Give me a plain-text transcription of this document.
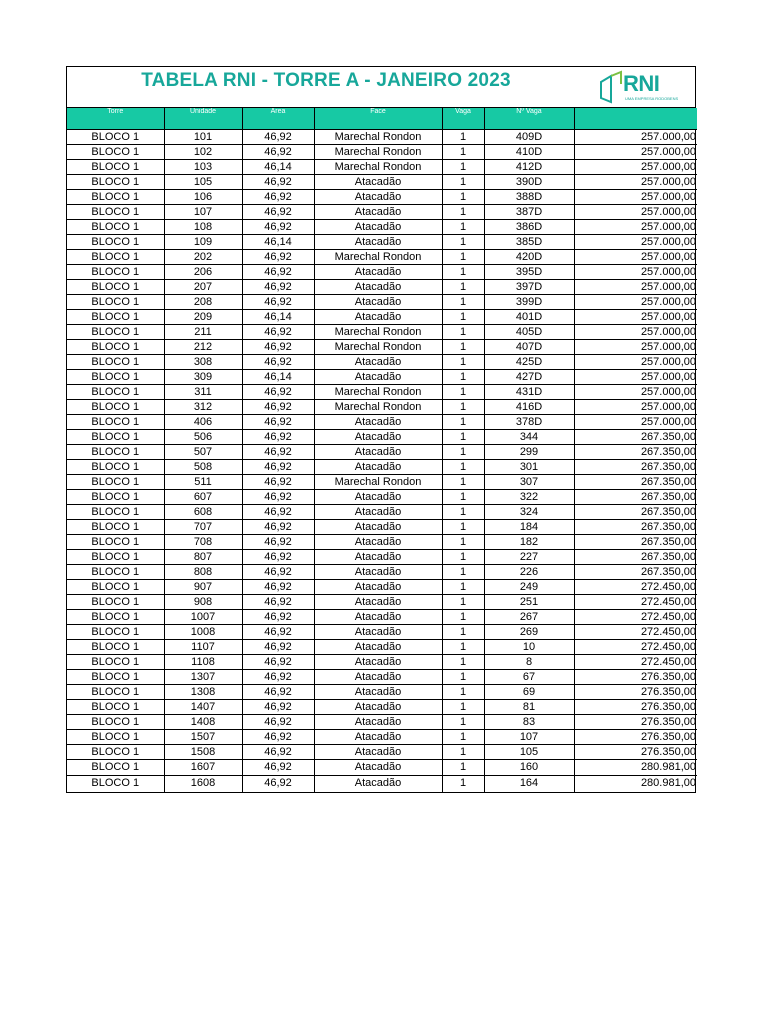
TABELA RNI - TORRE A - JANEIRO 2023	RNI
UMA EMPRESA RODOBENS
Torre	Unidade	Área	Face	Vaga	Nº Vaga	
BLOCO 1	101	46,92	Marechal Rondon	1	409D	257.000,00
BLOCO 1	102	46,92	Marechal Rondon	1	410D	257.000,00
BLOCO 1	103	46,14	Marechal Rondon	1	412D	257.000,00
BLOCO 1	105	46,92	Atacadão	1	390D	257.000,00
BLOCO 1	106	46,92	Atacadão	1	388D	257.000,00
BLOCO 1	107	46,92	Atacadão	1	387D	257.000,00
BLOCO 1	108	46,92	Atacadão	1	386D	257.000,00
BLOCO 1	109	46,14	Atacadão	1	385D	257.000,00
BLOCO 1	202	46,92	Marechal Rondon	1	420D	257.000,00
BLOCO 1	206	46,92	Atacadão	1	395D	257.000,00
BLOCO 1	207	46,92	Atacadão	1	397D	257.000,00
BLOCO 1	208	46,92	Atacadão	1	399D	257.000,00
BLOCO 1	209	46,14	Atacadão	1	401D	257.000,00
BLOCO 1	211	46,92	Marechal Rondon	1	405D	257.000,00
BLOCO 1	212	46,92	Marechal Rondon	1	407D	257.000,00
BLOCO 1	308	46,92	Atacadão	1	425D	257.000,00
BLOCO 1	309	46,14	Atacadão	1	427D	257.000,00
BLOCO 1	311	46,92	Marechal Rondon	1	431D	257.000,00
BLOCO 1	312	46,92	Marechal Rondon	1	416D	257.000,00
BLOCO 1	406	46,92	Atacadão	1	378D	257.000,00
BLOCO 1	506	46,92	Atacadão	1	344	267.350,00
BLOCO 1	507	46,92	Atacadão	1	299	267.350,00
BLOCO 1	508	46,92	Atacadão	1	301	267.350,00
BLOCO 1	511	46,92	Marechal Rondon	1	307	267.350,00
BLOCO 1	607	46,92	Atacadão	1	322	267.350,00
BLOCO 1	608	46,92	Atacadão	1	324	267.350,00
BLOCO 1	707	46,92	Atacadão	1	184	267.350,00
BLOCO 1	708	46,92	Atacadão	1	182	267.350,00
BLOCO 1	807	46,92	Atacadão	1	227	267.350,00
BLOCO 1	808	46,92	Atacadão	1	226	267.350,00
BLOCO 1	907	46,92	Atacadão	1	249	272.450,00
BLOCO 1	908	46,92	Atacadão	1	251	272.450,00
BLOCO 1	1007	46,92	Atacadão	1	267	272.450,00
BLOCO 1	1008	46,92	Atacadão	1	269	272.450,00
BLOCO 1	1107	46,92	Atacadão	1	10	272.450,00
BLOCO 1	1108	46,92	Atacadão	1	8	272.450,00
BLOCO 1	1307	46,92	Atacadão	1	67	276.350,00
BLOCO 1	1308	46,92	Atacadão	1	69	276.350,00
BLOCO 1	1407	46,92	Atacadão	1	81	276.350,00
BLOCO 1	1408	46,92	Atacadão	1	83	276.350,00
BLOCO 1	1507	46,92	Atacadão	1	107	276.350,00
BLOCO 1	1508	46,92	Atacadão	1	105	276.350,00
BLOCO 1	1607	46,92	Atacadão	1	160	280.981,00
BLOCO 1	1608	46,92	Atacadão	1	164	280.981,00
